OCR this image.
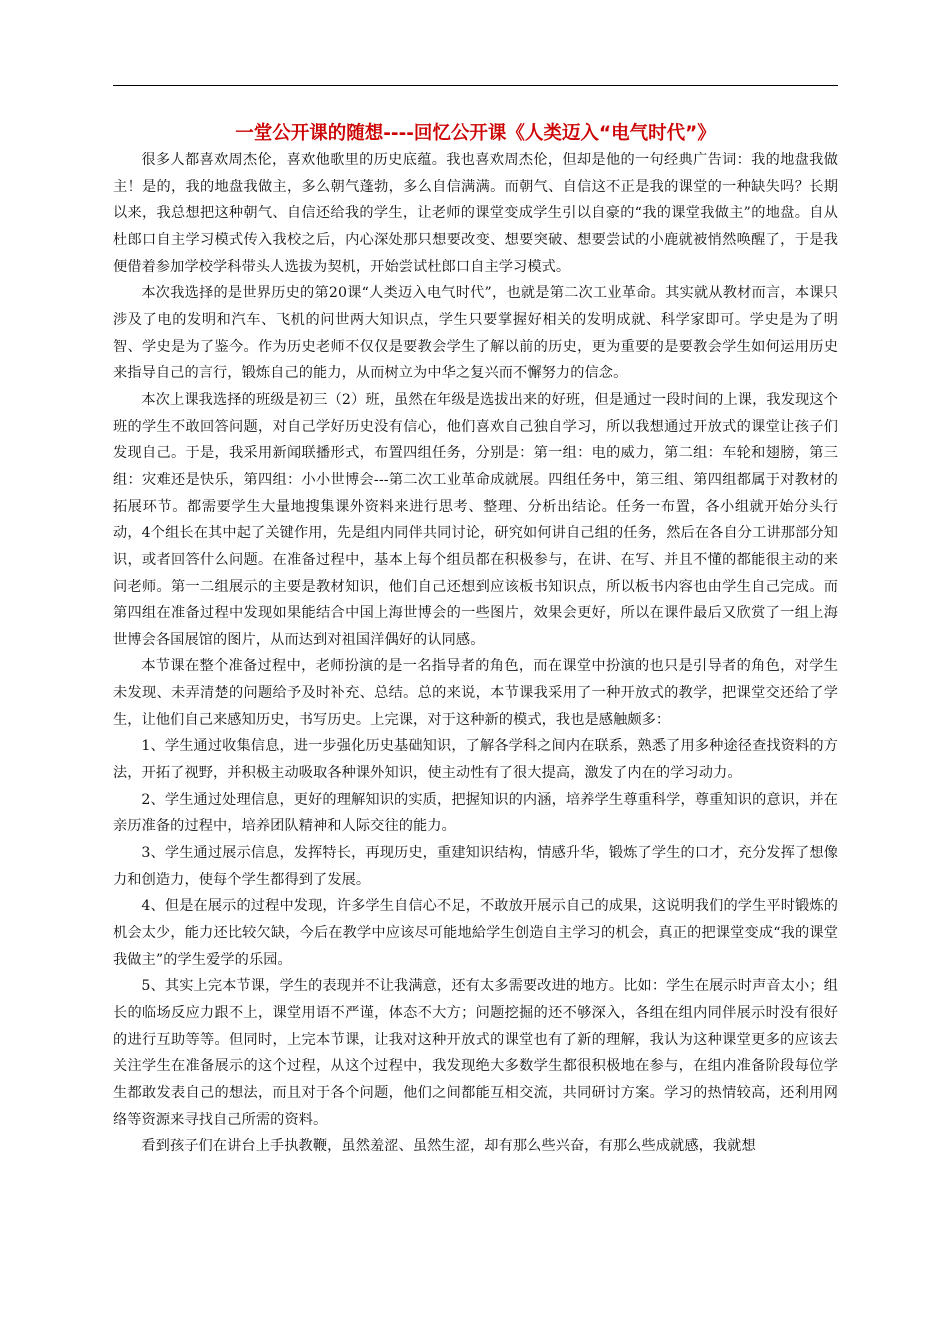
一堂公开课的随想----回忆公开课《人类迈入“电气时代”》

很多人都喜欢周杰伦，喜欢他歌里的历史底蕴。我也喜欢周杰伦，但却是他的一句经典广告词：我的地盘我做主！是的，我的地盘我做主，多么朝气蓬勃，多么自信满满。而朝气、自信这不正是我的课堂的一种缺失吗？长期以来，我总想把这种朝气、自信还给我的学生，让老师的课堂变成学生引以自豪的“我的课堂我做主”的地盘。自从杜郎口自主学习模式传入我校之后，内心深处那只想要改变、想要突破、想要尝试的小鹿就被悄然唤醒了，于是我便借着参加学校学科带头人选拔为契机，开始尝试杜郎口自主学习模式。

本次我选择的是世界历史的第20课“人类迈入电气时代”，也就是第二次工业革命。其实就从教材而言，本课只涉及了电的发明和汽车、飞机的问世两大知识点，学生只要掌握好相关的发明成就、科学家即可。学史是为了明智、学史是为了鉴今。作为历史老师不仅仅是要教会学生了解以前的历史，更为重要的是要教会学生如何运用历史来指导自己的言行，锻炼自己的能力，从而树立为中华之复兴而不懈努力的信念。

本次上课我选择的班级是初三（2）班，虽然在年级是选拔出来的好班，但是通过一段时间的上课，我发现这个班的学生不敢回答问题，对自己学好历史没有信心，他们喜欢自己独自学习，所以我想通过开放式的课堂让孩子们发现自己。于是，我采用新闻联播形式，布置四组任务，分别是：第一组：电的威力，第二组：车轮和翅膀，第三组：灾难还是快乐，第四组：小小世博会---第二次工业革命成就展。四组任务中，第三组、第四组都属于对教材的拓展环节。都需要学生大量地搜集课外资料来进行思考、整理、分析出结论。任务一布置，各小组就开始分头行动，4个组长在其中起了关键作用，先是组内同伴共同讨论，研究如何讲自己组的任务，然后在各自分工讲那部分知识，或者回答什么问题。在准备过程中，基本上每个组员都在积极参与，在讲、在写、并且不懂的都能很主动的来问老师。第一二组展示的主要是教材知识，他们自己还想到应该板书知识点，所以板书内容也由学生自己完成。而第四组在准备过程中发现如果能结合中国上海世博会的一些图片，效果会更好，所以在课件最后又欣赏了一组上海世博会各国展馆的图片，从而达到对祖国洋偶好的认同感。

本节课在整个准备过程中，老师扮演的是一名指导者的角色，而在课堂中扮演的也只是引导者的角色，对学生未发现、未弄清楚的问题给予及时补充、总结。总的来说，本节课我采用了一种开放式的教学，把课堂交还给了学生，让他们自己来感知历史，书写历史。上完课，对于这种新的模式，我也是感触颇多：

1、学生通过收集信息，进一步强化历史基础知识，了解各学科之间内在联系，熟悉了用多种途径查找资料的方法，开拓了视野，并积极主动吸取各种课外知识，使主动性有了很大提高，激发了内在的学习动力。

2、学生通过处理信息，更好的理解知识的实质，把握知识的内涵，培养学生尊重科学，尊重知识的意识，并在亲历准备的过程中，培养团队精神和人际交往的能力。

3、学生通过展示信息，发挥特长，再现历史，重建知识结构，情感升华，锻炼了学生的口才，充分发挥了想像力和创造力，使每个学生都得到了发展。

4、但是在展示的过程中发现，许多学生自信心不足，不敢放开展示自己的成果，这说明我们的学生平时锻炼的机会太少，能力还比较欠缺，今后在教学中应该尽可能地給学生创造自主学习的机会，真正的把课堂变成“我的课堂我做主”的学生爱学的乐园。

5、其实上完本节课，学生的表现并不让我满意，还有太多需要改进的地方。比如：学生在展示时声音太小；组长的临场反应力跟不上，课堂用语不严谨，体态不大方；问题挖掘的还不够深入，各组在组内同伴展示时没有很好的进行互助等等。但同时，上完本节课，让我对这种开放式的课堂也有了新的理解，我认为这种课堂更多的应该去关注学生在准备展示的这个过程，从这个过程中，我发现绝大多数学生都很积极地在参与，在组内准备阶段每位学生都敢发表自己的想法，而且对于各个问题，他们之间都能互相交流，共同研讨方案。学习的热情较高，还利用网络等资源来寻找自己所需的资料。

看到孩子们在讲台上手执教鞭，虽然羞涩、虽然生涩，却有那么些兴奋，有那么些成就感，我就想
